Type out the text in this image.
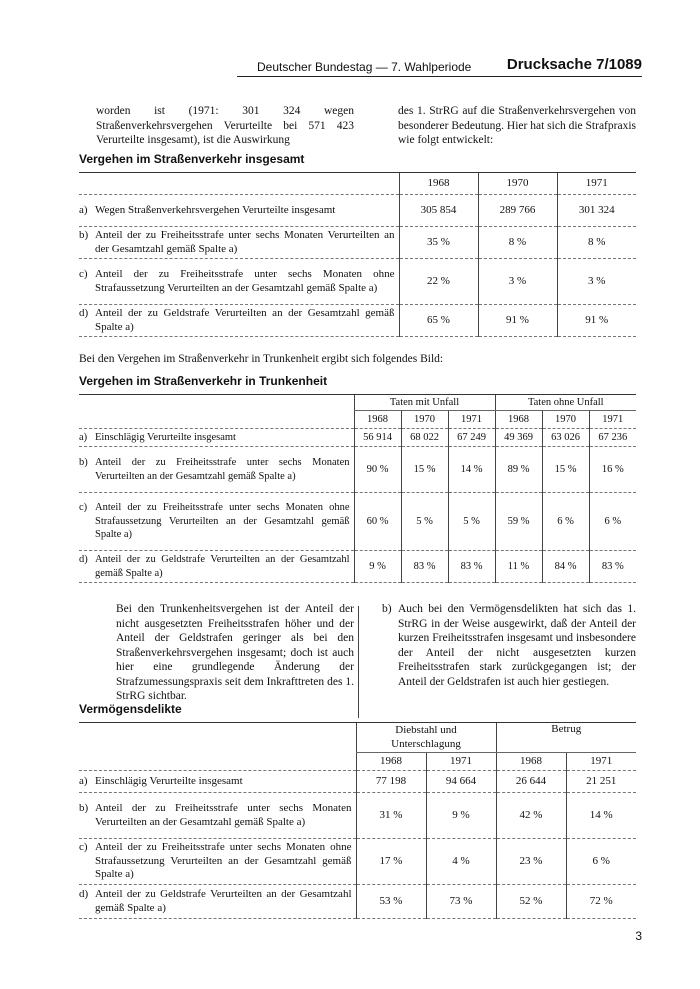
Deutscher Bundestag — 7. Wahlperiode Drucksache 7/1089
worden ist (1971: 301 324 wegen Straßenverkehrsvergehen Verurteilte bei 571 423 Verurteilte insgesamt), ist die Auswirkung
des 1. StrRG auf die Straßenverkehrsvergehen von besonderer Bedeutung. Hier hat sich die Strafpraxis wie folgt entwickelt:
Vergehen im Straßenverkehr insgesamt
	1968	1970	1971

a) Wegen Straßenverkehrsvergehen Verurteilte insgesamt	305 854	289 766	301 324

b) Anteil der zu Freiheitsstrafe unter sechs Monaten Verurteilten an der Gesamtzahl gemäß Spalte a)	35 %	8 %	8 %

c) Anteil der zu Freiheitsstrafe unter sechs Monaten ohne Strafaussetzung Verurteilten an der Gesamtzahl gemäß Spalte a)	22 %	3 %	3 %

d) Anteil der zu Geldstrafe Verurteilten an der Gesamtzahl gemäß Spalte a)	65 %	91 %	91 %
Bei den Vergehen im Straßenverkehr in Trunkenheit ergibt sich folgendes Bild:
Vergehen im Straßenverkehr in Trunkenheit
	Taten mit Unfall			Taten ohne Unfall		
	1968	1970	1971	1968	1970	1971

a) Einschlägig Verurteilte insgesamt	56 914	68 022	67 249	49 369	63 026	67 236

b) Anteil der zu Freiheitsstrafe unter sechs Monaten Verurteilten an der Gesamtzahl gemäß Spalte a)	90 %	15 %	14 %	89 %	15 %	16 %

c) Anteil der zu Freiheitsstrafe unter sechs Monaten ohne Strafaussetzung Verurteilten an der Gesamtzahl gemäß Spalte a)	60 %	5 %	5 %	59 %	6 %	6 %

d) Anteil der zu Geldstrafe Verurteilten an der Gesamtzahl gemäß Spalte a)	9 %	83 %	83 %	11 %	84 %	83 %
Bei den Trunkenheitsvergehen ist der Anteil der nicht ausgesetzten Freiheitsstrafen höher und der Anteil der Geldstrafen geringer als bei den Straßenverkehrsvergehen insgesamt; doch ist auch hier eine grundlegende Änderung der Strafzumessungspraxis seit dem Inkrafttreten des 1. StrRG sichtbar.
b) Auch bei den Vermögensdelikten hat sich das 1. StrRG in der Weise ausgewirkt, daß der Anteil der kurzen Freiheitsstrafen insgesamt und insbesondere der Anteil der nicht ausgesetzten kurzen Freiheitsstrafen stark zurückgegangen ist; der Anteil der Geldstrafen ist auch hier gestiegen.
Vermögensdelikte
	Diebstahl und Unterschlagung		Betrug	
	1968	1971	1968	1971

a) Einschlägig Verurteilte insgesamt	77 198	94 664	26 644	21 251

b) Anteil der zu Freiheitsstrafe unter sechs Monaten Verurteilten an der Gesamtzahl gemäß Spalte a)	31 %	9 %	42 %	14 %

c) Anteil der zu Freiheitsstrafe unter sechs Monaten ohne Strafaussetzung Verurteilten an der Gesamtzahl gemäß Spalte a)	17 %	4 %	23 %	6 %

d) Anteil der zu Geldstrafe Verurteilten an der Gesamtzahl gemäß Spalte a)	53 %	73 %	52 %	72 %
3
